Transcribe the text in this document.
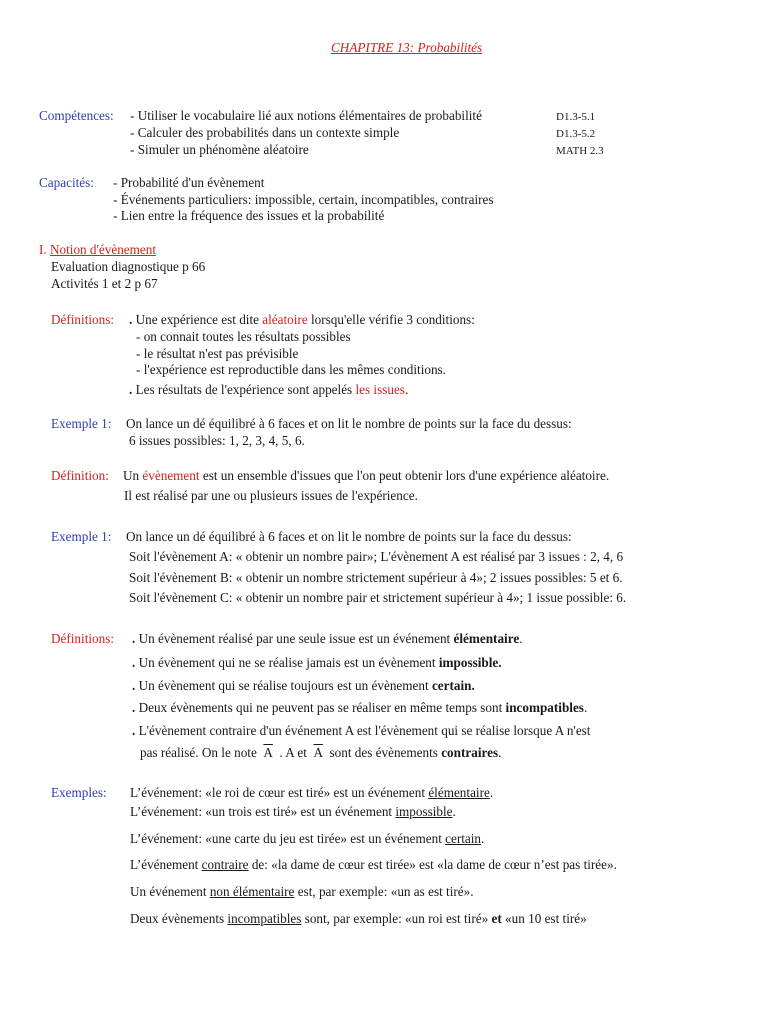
CHAPITRE 13: Probabilités
Compétences: - Utiliser le vocabulaire lié aux notions élémentaires de probabilité	D1.3-5.1
- Calculer des probabilités dans un contexte simple	D1.3-5.2
- Simuler un phénomène aléatoire	MATH 2.3
Capacités: - Probabilité d'un évènement
- Événements particuliers: impossible, certain, incompatibles, contraires
- Lien entre la fréquence des issues et la probabilité
I. Notion d'évènement
Evaluation diagnostique p 66
Activités 1 et 2 p 67
Définitions: . Une expérience est dite aléatoire lorsqu'elle vérifie 3 conditions:
- on connait toutes les résultats possibles
- le résultat n'est pas prévisible
- l'expérience est reproductible dans les mêmes conditions.
. Les résultats de l'expérience sont appelés les issues.
Exemple 1: On lance un dé équilibré à 6 faces et on lit le nombre de points sur la face du dessus:
6 issues possibles: 1, 2, 3, 4, 5, 6.
Définition: Un évènement est un ensemble d'issues que l'on peut obtenir lors d'une expérience aléatoire.
Il est réalisé par une ou plusieurs issues de l'expérience.
Exemple 1: On lance un dé équilibré à 6 faces et on lit le nombre de points sur la face du dessus:
Soit l'évènement A: « obtenir un nombre pair»; L'évènement A est réalisé par 3 issues : 2, 4, 6
Soit l'évènement B: « obtenir un nombre strictement supérieur à 4»; 2 issues possibles: 5 et 6.
Soit l'évènement C: « obtenir un nombre pair et strictement supérieur à 4»; 1 issue possible: 6.
Définitions: . Un évènement réalisé par une seule issue est un événement élémentaire.
. Un évènement qui ne se réalise jamais est un évènement impossible.
. Un évènement qui se réalise toujours est un évènement certain.
. Deux évènements qui ne peuvent pas se réaliser en même temps sont incompatibles.
. L'évènement contraire d'un événement A est l'évènement qui se réalise lorsque A n'est
pas réalisé. On le note $\overline{A}$ . A et $\overline{A}$ sont des évènements contraires.
Exemples: L’événement: «le roi de cœur est tiré» est un événement élémentaire.
L’événement: «un trois est tiré» est un événement impossible.
L’événement: «une carte du jeu est tirée» est un événement certain.
L’événement contraire de: «la dame de cœur est tirée» est «la dame de cœur n’est pas tirée».
Un événement non élémentaire est, par exemple: «un as est tiré».
Deux évènements incompatibles sont, par exemple: «un roi est tiré» et «un 10 est tiré»
